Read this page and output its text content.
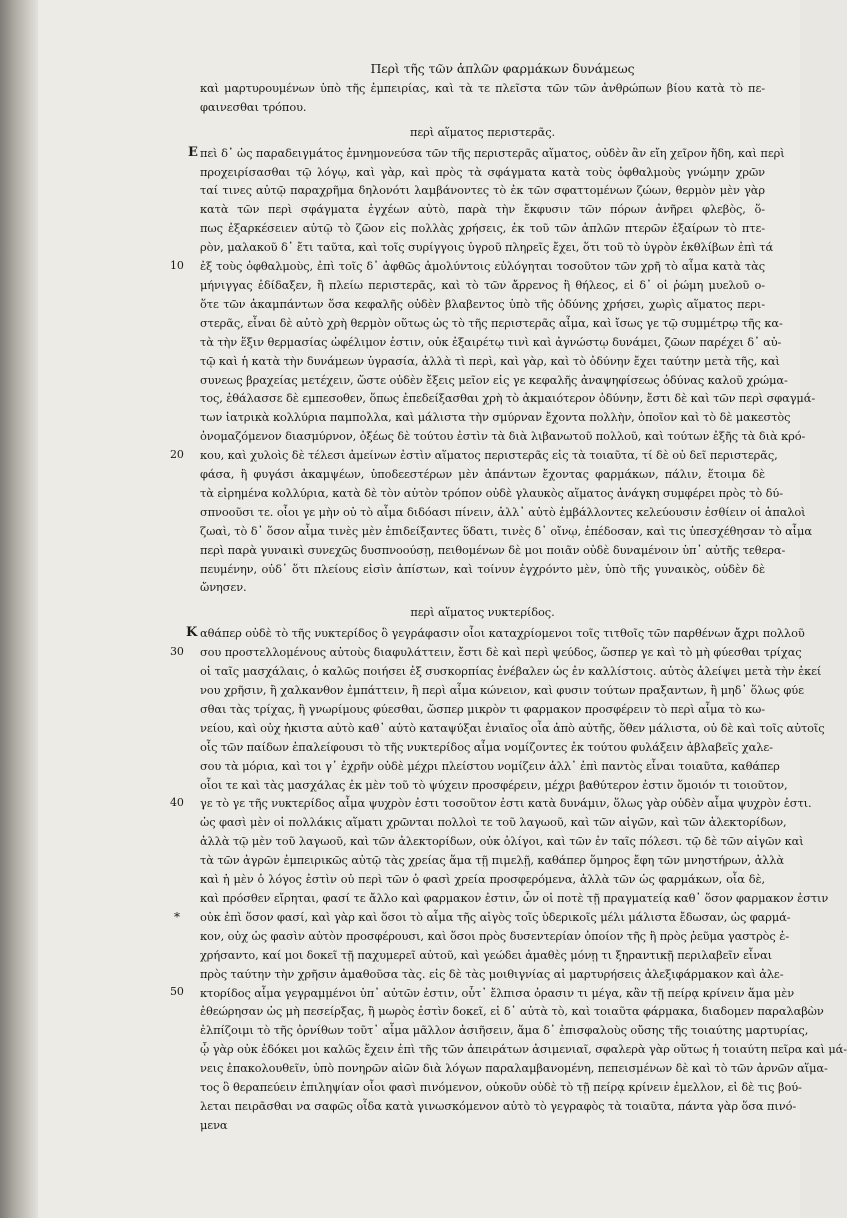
Περὶ τῆς τῶν ἁπλῶν φαρμάκων δυνάμεως
καὶ μαρτυρουμένων ὑπὸ τῆς ἐμπειρίας, καὶ τὰ τε πλεῖστα τῶν τῶν ἀνθρώπων βίου κατὰ τὸ πε-
φαινεσθαι τρόπου.
περὶ αἵματος περιστερᾶς.
E πεὶ δ᾽ ὡς παραδειγμάτος ἐμνημονεύσα τῶν τῆς περιστερᾶς αἵματος, οὐδὲν ἂν εἴη χεῖρον ἤδη, καὶ περὶ
προχειρίσασθαι τῷ λόγῳ, καὶ γὰρ, καὶ πρὸς τὰ σφάγματα κατὰ τοὺς ὀφθαλμοὺς γνώμην χρῶν
ταί τινες αὐτῷ παραχρῆμα δηλονότι λαμβάνοντες τὸ ἐκ τῶν σφαττομένων ζώων, θερμὸν μὲν γὰρ
κατὰ τῶν περὶ σφάγματα ἐγχέων αὐτὸ, παρὰ τὴν ἔκφυσιν τῶν πόρων ἀνῆρει φλεβὸς, ὅ-
πως ἐξαρκέσειεν αὐτῷ τὸ ζῶον εἰς πολλὰς χρήσεις, ἐκ τοῦ τῶν ἁπλῶν πτερῶν ἐξαίρων τὸ πτε-
ρὸν, μαλακοῦ δ᾽ ἔτι ταῦτα, καὶ τοῖς συρίγγοις ὑγροῦ πληρεῖς ἔχει, ὅτι τοῦ τὸ ὑγρὸν ἐκθλίβων ἐπὶ τά
ἐξ τοὺς ὀφθαλμοὺς, ἐπὶ τοῖς δ᾽ ἀφθῶς ἀμολύντοις εὐλόγηται τοσοῦτον τῶν χρῆ τὸ αἷμα κατὰ τὰς
μήνιγγας ἐδίδαξεν, ἢ πλείω περιστερᾶς, καὶ τὸ τῶν ἄρρενος ἢ θήλεος, εἰ δ᾽ οἱ ῥώμη μυελοῦ ο-
ὅτε τῶν ἀκαμπάντων ὅσα κεφαλῆς οὐδὲν βλαβεντος ὑπὸ τῆς ὀδύνης χρήσει, χωρὶς αἵματος περι-
στερᾶς, εἶναι δὲ αὐτὸ χρὴ θερμὸν οὕτως ὡς τὸ τῆς περιστερᾶς αἷμα, καὶ ἴσως γε τῷ συμμέτρῳ τῆς κα-
τὰ τὴν ἕξιν θερμασίας ὠφέλιμον ἐστιν, οὐκ ἐξαιρέτῳ τινὶ καὶ ἀγνώστῳ δυνάμει, ζῶων παρέχει δ᾽ αὐ-
τῷ καὶ ἡ κατὰ τὴν δυνάμεων ὑγρασία, ἀλλὰ τὶ περὶ, καὶ γὰρ, καὶ τὸ ὀδύνην ἔχει ταύτην μετὰ τῆς, καὶ
συνεως βραχείας μετέχειν, ὥστε οὐδὲν ἔξεις μεῖον εἰς γε κεφαλῆς ἀναψηφίσεως ὀδύνας καλοῦ χρώμα-
τος, ἐθάλασσε δὲ εμπεσοθεν, ὅπως ἐπεδείξασθαι χρὴ τὸ ἀκμαιότερον ὀδύνην, ἔστι δὲ καὶ τῶν περὶ σφαγμά-
των ἰατρικὰ κολλύρια παμπολλα, καὶ μάλιστα τὴν σμύρναν ἔχοντα πολλὴν, ὁποῖον καὶ τὸ δὲ μακεστὸς
ὀνομαζόμενον διασμύρνον, ὀξέως δὲ τούτου ἐστὶν τὰ διὰ λιβανωτοῦ πολλοῦ, καὶ τούτων ἐξῆς τὰ διὰ κρό-
κου, καὶ χυλοὶς δὲ τέλεσι ἀμείνων ἐστὶν αἵματος περιστερᾶς εἰς τὰ τοιαῦτα, τί δὲ οὐ δεῖ περιστερᾶς,
φάσα, ἢ φυγάσι ἀκαμψέων, ὑποδεεστέρων μὲν ἀπάντων ἔχοντας φαρμάκων, πάλιν, ἕτοιμα δὲ
τὰ εἰρημένα κολλύρια, κατὰ δὲ τὸν αὐτὸν τρόπον οὐδὲ γλαυκὸς αἵματος ἀνάγκη συμφέρει πρὸς τὸ δύ-
σπνοοῦσι τε. οἷοι γε μὴν οὐ τὸ αἷμα διδόασι πίνειν, ἀλλ᾽ αὐτὸ ἐμβάλλοντες κελεύουσιν ἐσθίειν οἱ ἁπαλοὶ
ζωαὶ, τὸ δ᾽ ὅσον αἷμα τινὲς μὲν ἐπιδείξαντες ὕδατι, τινὲς δ᾽ οἴνῳ, ἐπέδοσαν, καὶ τις ὑπεσχέθησαν τὸ αἷμα
περὶ παρὰ γυναικὶ συνεχῶς δυσπνοούσῃ, πειθομένων δὲ μοι ποιᾶν οὐδὲ δυναμένοιν ὑπ᾽ αὐτῆς τεθερα-
πευμένην, οὐδ᾽ ὅτι πλείους εἰσὶν ἀπίστων, καὶ τοίνυν ἐγχρόντο μὲν, ὑπὸ τῆς γυναικὸς, οὐδὲν δὲ
ὤνησεν.
10
20
περὶ αἵματος νυκτερίδος.
K αθάπερ οὐδὲ τὸ τῆς νυκτερίδος ὃ γεγράφασιν οἷοι καταχρίομενοι τοῖς τιτθοῖς τῶν παρθένων ἄχρι πολλοῦ
σου προστελλομένους αὐτοὺς διαφυλάττειν, ἔστι δὲ καὶ περὶ ψεύδος, ὥσπερ γε καὶ τὸ μὴ φύεσθαι τρίχας
οἱ ταῖς μασχάλαις, ὁ καλῶς ποιήσει ἐξ συσκορπίας ἐνέβαλεν ὡς ἐν καλλίστοις. αὐτὸς ἀλείψει μετὰ τὴν ἐκεί
νου χρῆσιν, ἢ χαλκανθον ἐμπάττειν, ἢ περὶ αἷμα κώνειον, καὶ φυσιν τούτων πραξαντων, ἢ μηδ᾽ ὅλως φύε
σθαι τὰς τρίχας, ἢ γνωρίμους φύεσθαι, ὥσπερ μικρὸν τι φαρμακον προσφέρειν τὸ περὶ αἷμα τὸ κω-
νείου, καὶ οὐχ ἡκιστα αὐτὸ καθ᾽ αὐτὸ καταψύξαι ἐνιαῖος οἷα ἀπὸ αὐτῆς, ὅθεν μάλιστα, οὐ δὲ καὶ τοῖς αὐτοῖς
οἷς τῶν παίδων ἐπαλείφουσι τὸ τῆς νυκτερίδος αἷμα νομίζοντες ἐκ τούτου φυλάξειν ἀβλαβεῖς χαλε-
σου τὰ μόρια, καὶ τοι γ᾽ ἐχρῆν οὐδὲ μέχρι πλείστου νομίζειν ἀλλ᾽ ἐπὶ παντὸς εἶναι τοιαῦτα, καθάπερ
οἷοι τε καὶ τὰς μασχάλας ἐκ μὲν τοῦ τὸ ψύχειν προσφέρειν, μέχρι βαθύτερον ἐστιν ὅμοιόν τι τοιοῦτον,
γε τὸ γε τῆς νυκτερίδος αἷμα ψυχρὸν ἐστι τοσοῦτον ἐστι κατὰ δυνάμιν, ὅλως γὰρ οὐδὲν αἷμα ψυχρὸν ἐστι.
ὡς φασὶ μὲν οἱ πολλάκις αἵματι χρῶνται πολλοὶ τε τοῦ λαγωοῦ, καὶ τῶν αἰγῶν, καὶ τῶν ἀλεκτορίδων,
ἀλλὰ τῷ μὲν τοῦ λαγωοῦ, καὶ τῶν ἀλεκτορίδων, οὐκ ὀλίγοι, καὶ τῶν ἐν ταῖς πόλεσι. τῷ δὲ τῶν αἰγῶν καὶ
τὰ τῶν ἀγρῶν ἐμπειρικῶς αὐτῷ τὰς χρείας ἅμα τῇ πιμελῇ, καθάπερ ὅμηρος ἔφη τῶν μνηστήρων, ἀλλὰ
καὶ ἡ μὲν ὁ λόγος ἐστὶν οὐ περὶ τῶν ὁ φασὶ χρεία προσφερόμενα, ἀλλὰ τῶν ὡς φαρμάκων, οἷα δὲ,
καὶ πρόσθεν εἴρηται, φασί τε ἄλλο καὶ φαρμακον ἐστιν, ὧν οἱ ποτὲ τῇ πραγματείᾳ καθ᾽ ὅσον φαρμακον ἐστιν
οὐκ ἐπὶ ὅσον φασί, καὶ γὰρ καὶ ὅσοι τὸ αἷμα τῆς αἰγὸς τοῖς ὑδερικοῖς μέλι μάλιστα ἔδωσαν, ὡς φαρμά-
κον, οὐχ ὡς φασὶν αὐτὸν προσφέρουσι, καὶ ὅσοι πρὸς δυσεντερίαν ὁποίον τῆς ἢ πρὸς ῥεῦμα γαστρὸς ἐ-
χρήσαντο, καί μοι δοκεῖ τῇ παχυμερεῖ αὐτοῦ, καὶ γεώδει ἀμαθὲς μόνῃ τι ξηραντικῇ περιλαβεῖν εἶναι
πρὸς ταύτην τὴν χρῆσιν ἀμαθοῦσα τὰς. εἰς δὲ τὰς μοιθιγνίας αἱ μαρτυρήσεις ἀλεξιφάρμακον καὶ ἀλε-
κτορίδος αἷμα γεγραμμένοι ὑπ᾽ αὐτῶν ἐστιν, οὗτ᾽ ἔλπισα ὀρασιν τι μέγα, κἂν τῇ πείρᾳ κρίνειν ἅμα μὲν
ἐθεώρησαν ὡς μὴ πεσείρξας, ἢ μωρὸς ἐστὶν δοκεῖ, εἰ δ᾽ αὐτὰ τὸ, καὶ τοιαῦτα φάρμακα, διαδομεν παραλαβὼν
ἐλπίζοιμι τὸ τῆς ὀρνίθων τοῦτ᾽ αἷμα μᾶλλον ἀσιῆσειν, ἅμα δ᾽ ἐπισφαλοὺς οὔσης τῆς τοιαύτης μαρτυρίας,
ᾧ γὰρ οὐκ ἐδόκει μοι καλῶς ἔχειν ἐπὶ τῆς τῶν ἀπειράτων ἀσιμενιαῖ, σφαλερὰ γὰρ οὕτως ἡ τοιαύτη πεῖρα καὶ μά-
νεις ἐπακολουθεῖν, ὑπὸ πονηρῶν αἰῶν διὰ λόγων παραλαμβανομένη, πεπεισμένων δὲ καὶ τὸ τῶν ἀρνῶν αἵμα-
τος ὃ θεραπεύειν ἐπιληψίαν οἷοι φασὶ πινόμενον, οὐκοῦν οὐδὲ τὸ τῇ πείρᾳ κρίνειν ἐμελλον, εἰ δὲ τις βού-
λεται πειρᾶσθαι να σαφῶς οἶδα κατὰ γινωσκόμενον αὐτὸ τὸ γεγραφὸς τὰ τοιαῦτα, πάντα γὰρ ὅσα πινό-
μενα
30
40
50
*
